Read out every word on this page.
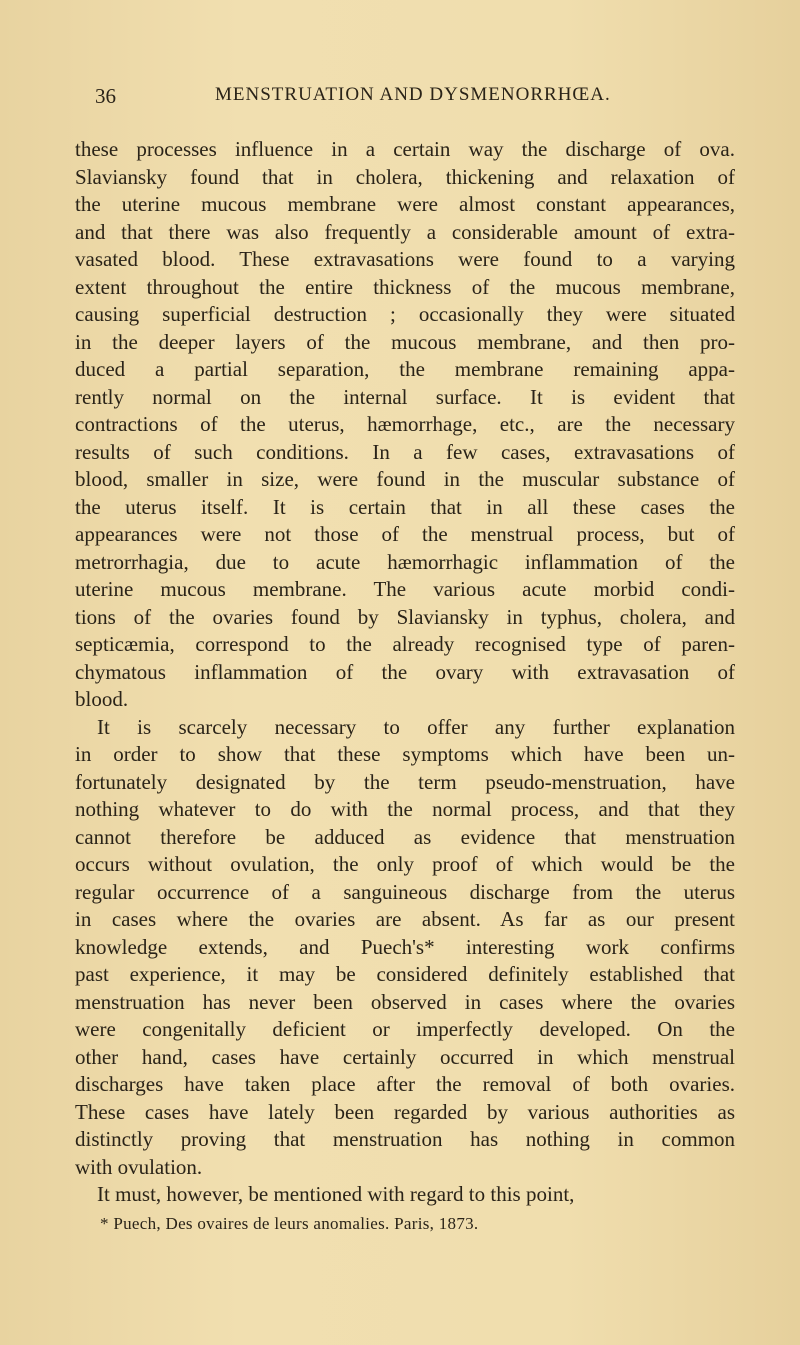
36	MENSTRUATION AND DYSMENORRHŒA.
these processes influence in a certain way the discharge of ova.
Slaviansky found that in cholera, thickening and relaxation of
the uterine mucous membrane were almost constant appearances,
and that there was also frequently a considerable amount of extra-
vasated blood. These extravasations were found to a varying
extent throughout the entire thickness of the mucous membrane,
causing superficial destruction ; occasionally they were situated
in the deeper layers of the mucous membrane, and then pro-
duced a partial separation, the membrane remaining appa-
rently normal on the internal surface. It is evident that
contractions of the uterus, hæmorrhage, etc., are the necessary
results of such conditions. In a few cases, extravasations of
blood, smaller in size, were found in the muscular substance of
the uterus itself. It is certain that in all these cases the
appearances were not those of the menstrual process, but of
metrorrhagia, due to acute hæmorrhagic inflammation of the
uterine mucous membrane. The various acute morbid condi-
tions of the ovaries found by Slaviansky in typhus, cholera, and
septicæmia, correspond to the already recognised type of paren-
chymatous inflammation of the ovary with extravasation of
blood.
It is scarcely necessary to offer any further explanation
in order to show that these symptoms which have been un-
fortunately designated by the term pseudo-menstruation, have
nothing whatever to do with the normal process, and that they
cannot therefore be adduced as evidence that menstruation
occurs without ovulation, the only proof of which would be the
regular occurrence of a sanguineous discharge from the uterus
in cases where the ovaries are absent. As far as our present
knowledge extends, and Puech's* interesting work confirms
past experience, it may be considered definitely established that
menstruation has never been observed in cases where the ovaries
were congenitally deficient or imperfectly developed. On the
other hand, cases have certainly occurred in which menstrual
discharges have taken place after the removal of both ovaries.
These cases have lately been regarded by various authorities as
distinctly proving that menstruation has nothing in common
with ovulation.
It must, however, be mentioned with regard to this point,
* Puech, Des ovaires de leurs anomalies. Paris, 1873.
